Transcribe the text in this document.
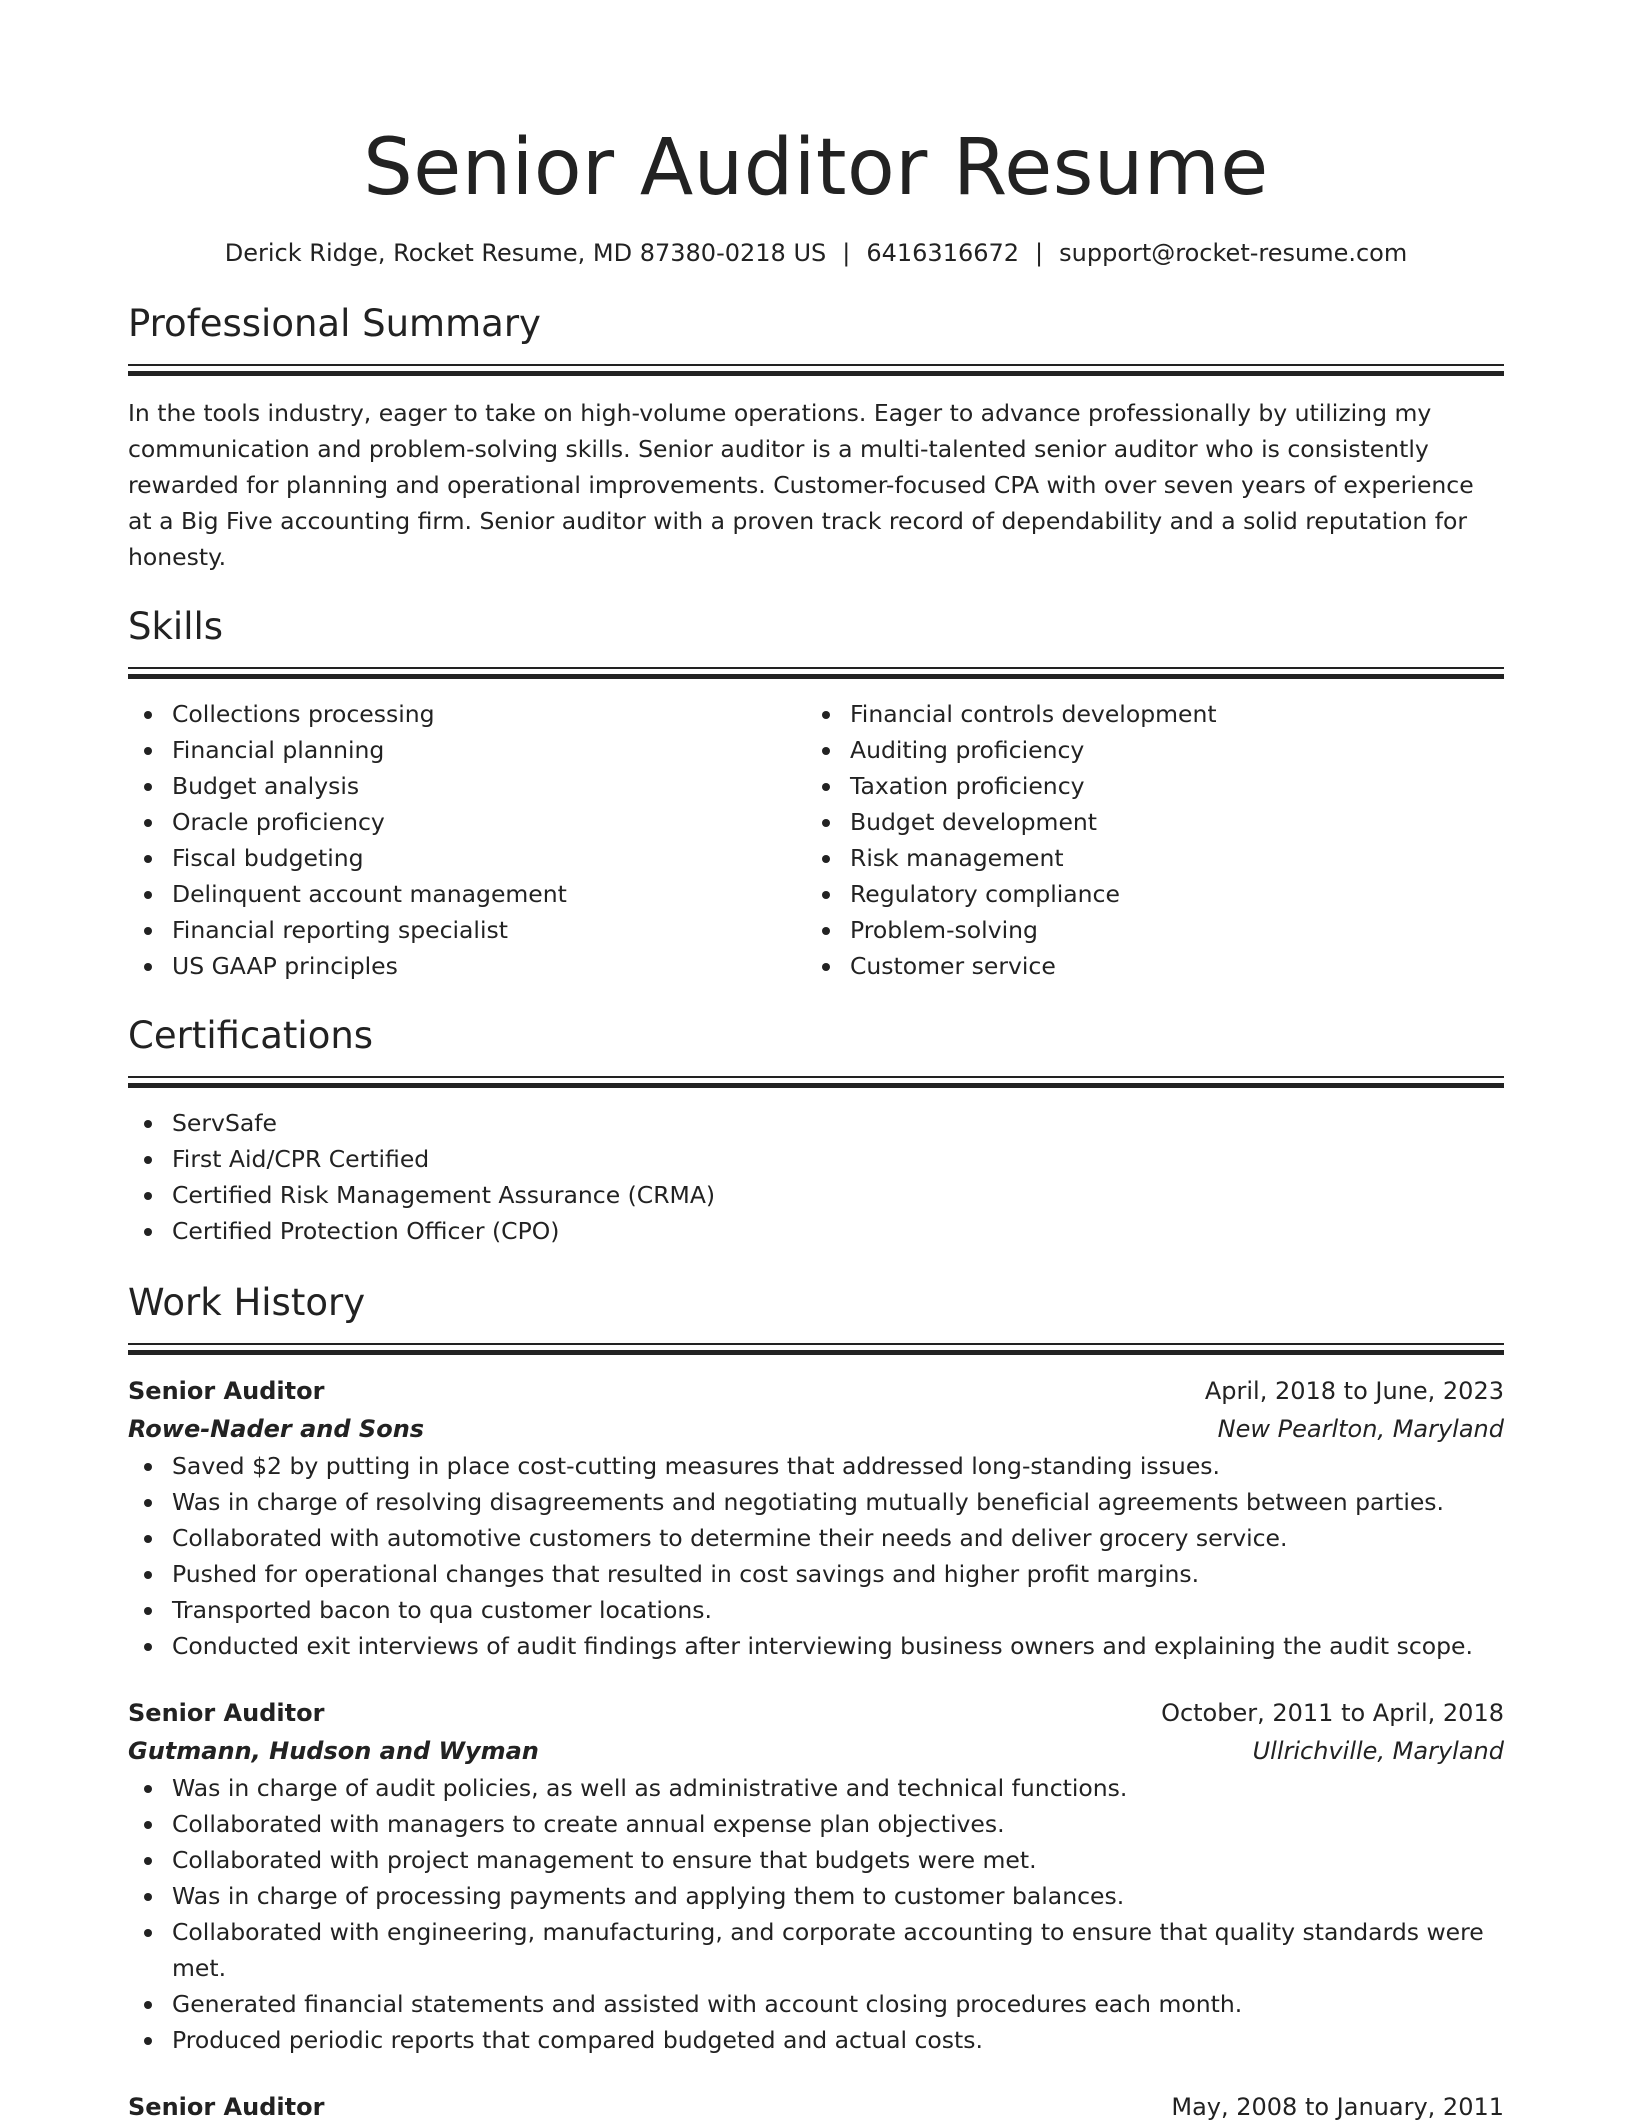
Senior Auditor Resume
Derick Ridge, Rocket Resume, MD 87380-0218 US | 6416316672 | support@rocket-resume.com
Professional Summary

In the tools industry, eager to take on high-volume operations. Eager to advance professionally by utilizing my communication and problem-solving skills. Senior auditor is a multi-talented senior auditor who is consistently rewarded for planning and operational improvements. Customer-focused CPA with over seven years of experience at a Big Five accounting firm. Senior auditor with a proven track record of dependability and a solid reputation for honesty.

Skills
Collections processing
Financial planning
Budget analysis
Oracle proficiency
Fiscal budgeting
Delinquent account management
Financial reporting specialist
US GAAP principles
Financial controls development
Auditing proficiency
Taxation proficiency
Budget development
Risk management
Regulatory compliance
Problem-solving
Customer service
Certifications
ServSafe
First Aid/CPR Certified
Certified Risk Management Assurance (CRMA)
Certified Protection Officer (CPO)
Work History
Senior Auditor	April, 2018 to June, 2023
Rowe-Nader and Sons	New Pearlton, Maryland
Saved $2 by putting in place cost-cutting measures that addressed long-standing issues.
Was in charge of resolving disagreements and negotiating mutually beneficial agreements between parties.
Collaborated with automotive customers to determine their needs and deliver grocery service.
Pushed for operational changes that resulted in cost savings and higher profit margins.
Transported bacon to qua customer locations.
Conducted exit interviews of audit findings after interviewing business owners and explaining the audit scope.
Senior Auditor	October, 2011 to April, 2018
Gutmann, Hudson and Wyman	Ullrichville, Maryland
Was in charge of audit policies, as well as administrative and technical functions.
Collaborated with managers to create annual expense plan objectives.
Collaborated with project management to ensure that budgets were met.
Was in charge of processing payments and applying them to customer balances.
Collaborated with engineering, manufacturing, and corporate accounting to ensure that quality standards were met.
Generated financial statements and assisted with account closing procedures each month.
Produced periodic reports that compared budgeted and actual costs.
Senior Auditor	May, 2008 to January, 2011
